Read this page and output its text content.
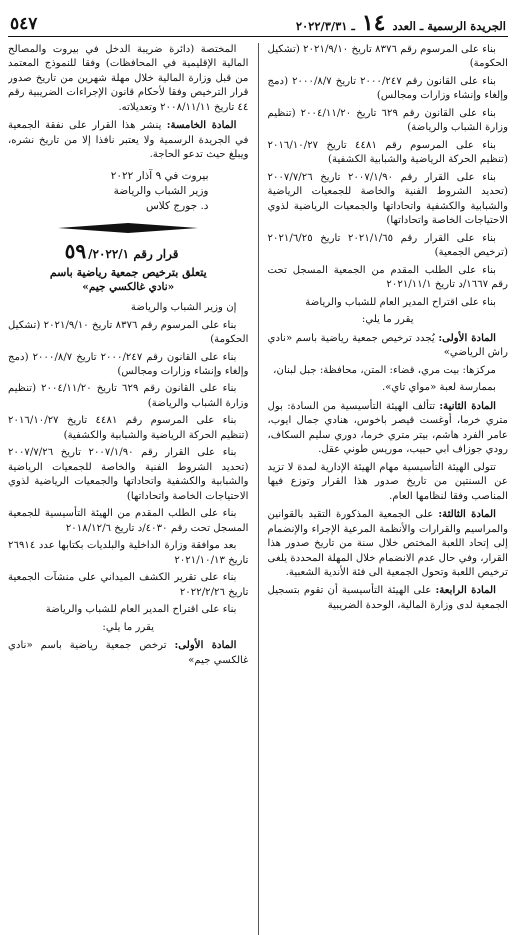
الجريدة الرسمية ـ العدد ١٤ ـ ٢٠٢٢/٣/٣١
٥٤٧

بناء على المرسوم رقم ٨٣٧٦ تاريخ ٢٠٢١/٩/١٠ (تشكيل الحكومة)

بناء على القانون رقم ٢٠٠٠/٢٤٧ تاريخ ٢٠٠٠/٨/٧ (دمج وإلغاء وإنشاء وزارات ومجالس)

بناء على القانون رقم ٦٢٩ تاريخ ٢٠٠٤/١١/٢٠ (تنظيم وزارة الشباب والرياضة)

بناء على المرسوم رقم ٤٤٨١ تاريخ ٢٠١٦/١٠/٢٧ (تنظيم الحركة الرياضية والشبابية الكشفية)

بناء على القرار رقم ٢٠٠٧/١/٩٠ تاريخ ٢٠٠٧/٧/٢٦ (تحديد الشروط الفنية والخاصة للجمعيات الرياضية والشبابية والكشفية واتحاداتها والجمعيات الرياضية لذوي الاحتياجات الخاصة واتحاداتها)

بناء على القرار رقم ٢٠٢١/١/٦٥ تاريخ ٢٠٢١/٦/٢٥ (ترخيص الجمعية)

بناء على الطلب المقدم من الجمعية المسجل تحت رقم ١٦٦٧/د تاريخ ٢٠٢١/١١/١

بناء على اقتراح المدير العام للشباب والرياضة

يقرر ما يلي:

المادة الأولى: يُجدد ترخيص جمعية رياضية باسم «نادي راش الرياضي»

مركزها: بيت مري، قضاء: المتن، محافظة: جبل لبنان،

بممارسة لعبة «مواي تاي».

المادة الثانية: تتألف الهيئة التأسيسية من السادة: بول متري خرما، أوغست قيصر باخوس، هنادي جمال ايوب، عامر الفرد هاشم، بيتر متري خرما، دوري سليم السكاف، رودي جوزاف ابي حبيب، موريس طوني عقل.

تتولى الهيئة التأسيسية مهام الهيئة الإدارية لمدة لا تزيد عن السنتين من تاريخ صدور هذا القرار وتوزع فيها المناصب وفقا لنظامها العام.

المادة الثالثة: على الجمعية المذكورة التقيد بالقوانين والمراسيم والقرارات والأنظمة المرعية الإجراء والإنضمام إلى إتحاد اللعبة المختص خلال سنة من تاريخ صدور هذا القرار، وفي حال عدم الانضمام خلال المهلة المحددة يلغى ترخيص اللعبة وتحول الجمعية الى فئة الأندية الشعبية.

المادة الرابعة: على الهيئة التأسيسية أن تقوم بتسجيل الجمعية لدى وزارة المالية، الوحدة الضريبية

المختصة (دائرة ضريبة الدخل في بيروت والمصالح المالية الإقليمية في المحافظات) وفقا للنموذج المعتمد من قبل وزارة المالية خلال مهلة شهرين من تاريخ صدور قرار الترخيص وفقا لأحكام قانون الإجراءات الضريبية رقم ٤٤ تاريخ ٢٠٠٨/١١/١١ وتعديلاته.

المادة الخامسة: ينشر هذا القرار على نفقة الجمعية في الجريدة الرسمية ولا يعتبر نافذا إلا من تاريخ نشره، ويبلغ حيث تدعو الحاجة.

بيروت في ٩ آذار ٢٠٢٢

وزير الشباب والرياضة

د. جورج كلاس

قرار رقم ٥٩ /٢٠٢٢/١

يتعلق بترخيص جمعية رياضية باسم

«نادي غالكسي جيم»

إن وزير الشباب والرياضة

بناء على المرسوم رقم ٨٣٧٦ تاريخ ٢٠٢١/٩/١٠ (تشكيل الحكومة)

بناء على القانون رقم ٢٠٠٠/٢٤٧ تاريخ ٢٠٠٠/٨/٧ (دمج وإلغاء وإنشاء وزارات ومجالس)

بناء على القانون رقم ٦٢٩ تاريخ ٢٠٠٤/١١/٢٠ (تنظيم وزارة الشباب والرياضة)

بناء على المرسوم رقم ٤٤٨١ تاريخ ٢٠١٦/١٠/٢٧ (تنظيم الحركة الرياضية والشبابية والكشفية)

بناء على القرار رقم ٢٠٠٧/١/٩٠ تاريخ ٢٠٠٧/٧/٢٦ (تحديد الشروط الفنية والخاصة للجمعيات الرياضية والشبابية والكشفية واتحاداتها والجمعيات الرياضية لذوي الاحتياجات الخاصة واتحاداتها)

بناء على الطلب المقدم من الهيئة التأسيسية للجمعية المسجل تحت رقم ٤٠٣٠/د تاريخ ٢٠١٨/١٢/٦

بعد موافقة وزارة الداخلية والبلديات بكتابها عدد ٢٦٩١٤ تاريخ ٢٠٢١/١٠/١٣

بناء على تقرير الكشف الميداني على منشآت الجمعية تاريخ ٢٠٢٢/٢/٢٦

بناء على اقتراح المدير العام للشباب والرياضة

يقرر ما يلي:

المادة الأولى: ترخص جمعية رياضية باسم «نادي غالكسي جيم»
